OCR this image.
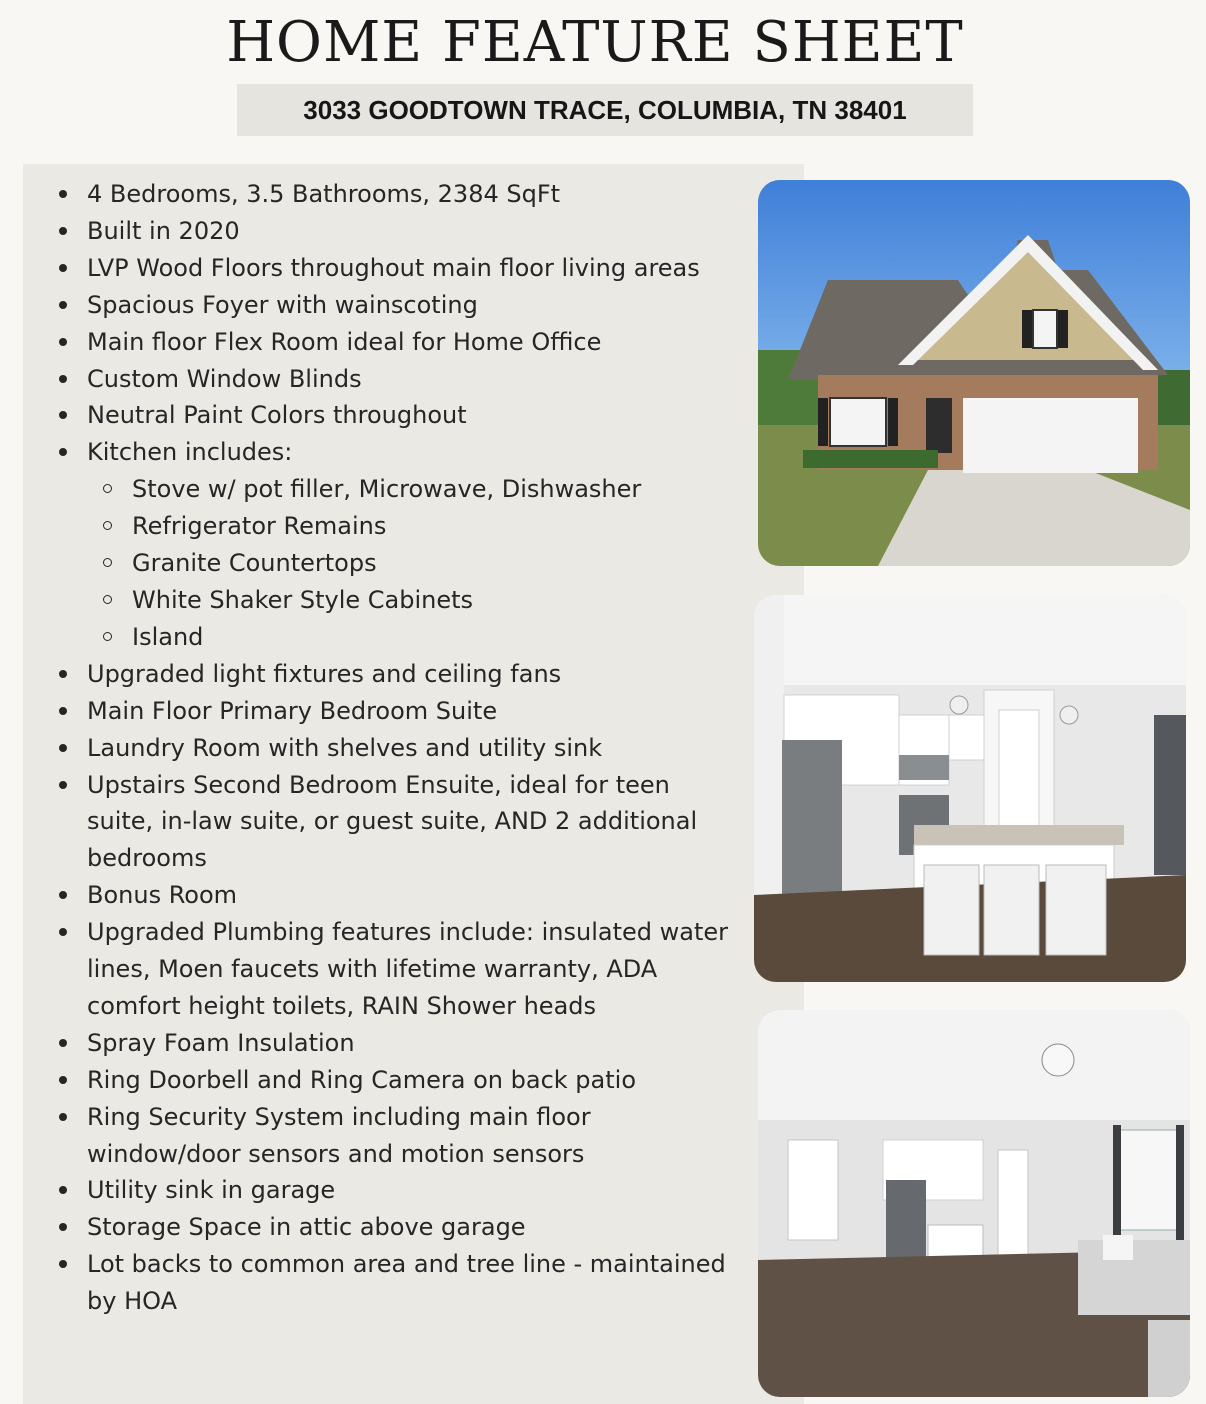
HOME FEATURE SHEET
3033 GOODTOWN TRACE, COLUMBIA, TN 38401
4 Bedrooms, 3.5 Bathrooms, 2384 SqFt
Built in 2020
LVP Wood Floors throughout main floor living areas
Spacious Foyer with wainscoting
Main floor Flex Room ideal for Home Office
Custom Window Blinds
Neutral Paint Colors throughout
Kitchen includes:
Stove w/ pot filler, Microwave, Dishwasher
Refrigerator Remains
Granite Countertops
White Shaker Style Cabinets
Island
Upgraded light fixtures and ceiling fans
Main Floor Primary Bedroom Suite
Laundry Room with shelves and utility sink
Upstairs Second Bedroom Ensuite, ideal for teen suite, in-law suite, or guest suite, AND 2 additional bedrooms
Bonus Room
Upgraded Plumbing features include: insulated water lines, Moen faucets with lifetime warranty, ADA comfort height toilets, RAIN Shower heads
Spray Foam Insulation
Ring Doorbell and Ring Camera on back patio
Ring Security System including main floor window/door sensors and motion sensors
Utility sink in garage
Storage Space in attic above garage
Lot backs to common area and tree line - maintained by HOA
